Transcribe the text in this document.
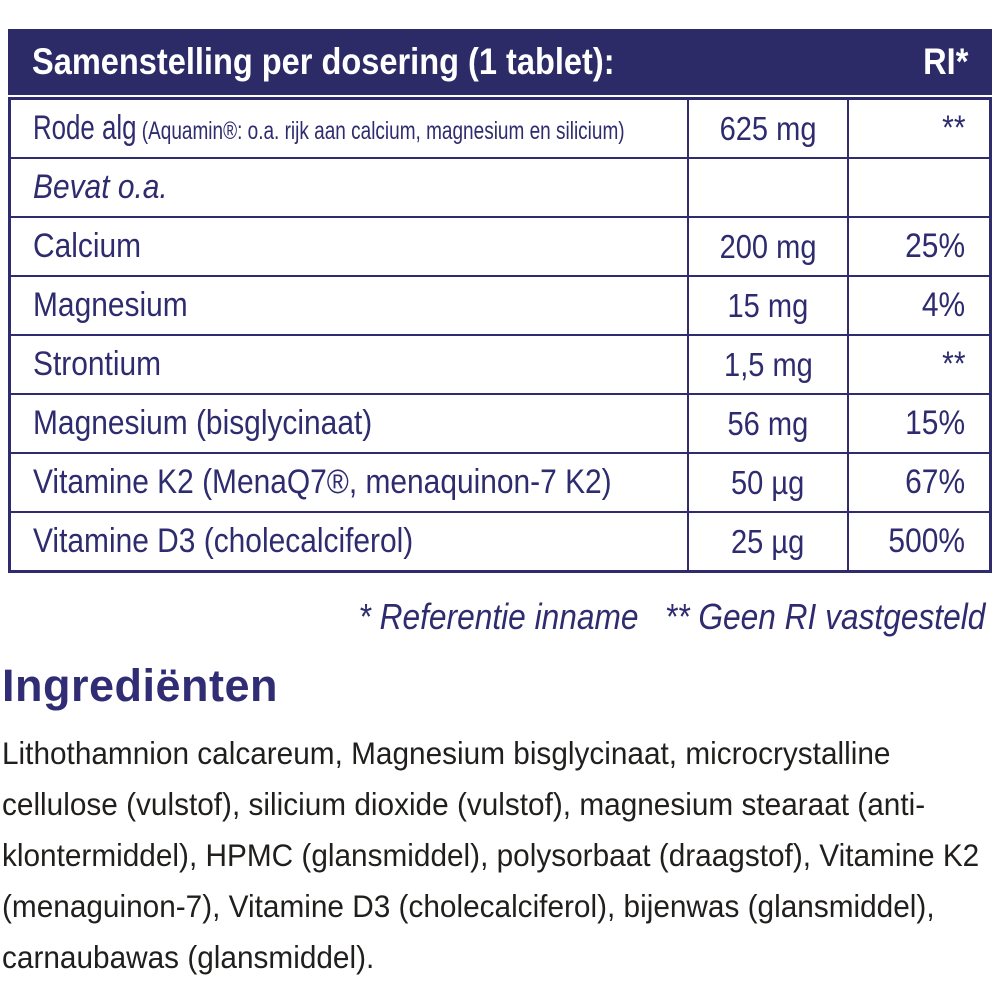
Samenstelling per dosering (1 tablet):	RI*
Rode alg (Aquamin®: o.a. rijk aan calcium, magnesium en silicium)	625 mg	**
Bevat o.a.
Calcium	200 mg	25%
Magnesium	15 mg	4%
Strontium	1,5 mg	**
Magnesium (bisglycinaat)	56 mg	15%
Vitamine K2 (MenaQ7®, menaquinon-7 K2)	50 µg	67%
Vitamine D3 (cholecalciferol)	25 µg 500%
* Referentie inname ** Geen RI vastgesteld
Ingrediënten

Lithothamnion calcareum, Magnesium bisglycinaat, microcrystalline cellulose (vulstof), silicium dioxide (vulstof), magnesium stearaat (anti-klontermiddel), HPMC (glansmiddel), polysorbaat (draagstof), Vitamine K2 (menaguinon-7), Vitamine D3 (cholecalciferol), bijenwas (glansmiddel), carnaubawas (glansmiddel).
